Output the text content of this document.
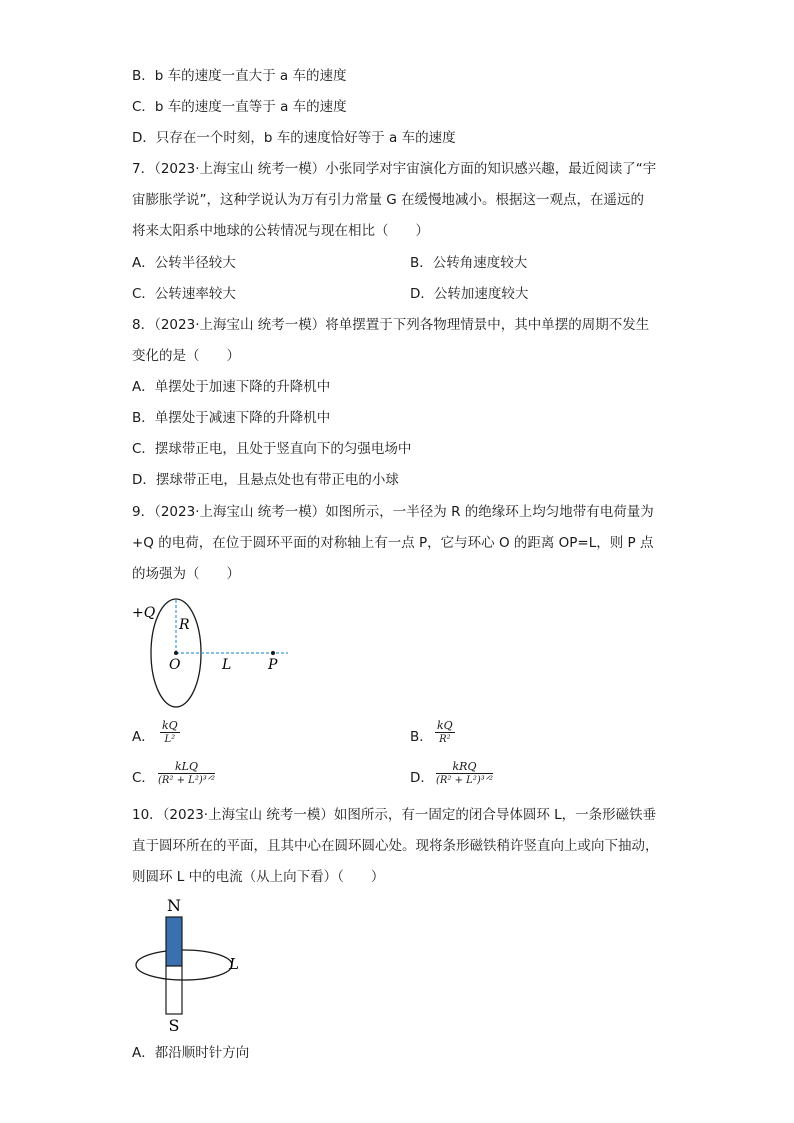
B．b 车的速度一直大于 a 车的速度
C．b 车的速度一直等于 a 车的速度
D．只存在一个时刻，b 车的速度恰好等于 a 车的速度
7．（2023·上海宝山 统考一模）小张同学对宇宙演化方面的知识感兴趣，最近阅读了“宇
宙膨胀学说”，这种学说认为万有引力常量 G 在缓慢地减小。根据这一观点，在遥远的
将来太阳系中地球的公转情况与现在相比（　　）
A．公转半径较大	B．公转角速度较大
C．公转速率较大	D．公转加速度较大
8．（2023·上海宝山 统考一模）将单摆置于下列各物理情景中，其中单摆的周期不发生
变化的是（　　）
A．单摆处于加速下降的升降机中
B．单摆处于减速下降的升降机中
C．摆球带正电，且处于竖直向下的匀强电场中
D．摆球带正电，且悬点处也有带正电的小球
9．（2023·上海宝山 统考一模）如图所示，一半径为 R 的绝缘环上均匀地带有电荷量为
+Q 的电荷，在位于圆环平面的对称轴上有一点 P，它与环心 O 的距离 OP=L，则 P 点
的场强为（　　）
+Q
R
O	L	P
A． $\frac{kQ}{\text{L²}}$	B． $\frac{kQ}{\text{R²}}$
C．
kLQ
(R² + L²)³ᐟ²	D．
kRQ
(R² + L²)³ᐟ²
10．（2023·上海宝山 统考一模）如图所示，有一固定的闭合导体圆环 L，一条形磁铁垂
直于圆环所在的平面，且其中心在圆环圆心处。现将条形磁铁稍许竖直向上或向下抽动，
则圆环 L 中的电流（从上向下看）（　　）
N
S
L
A．都沿顺时针方向
